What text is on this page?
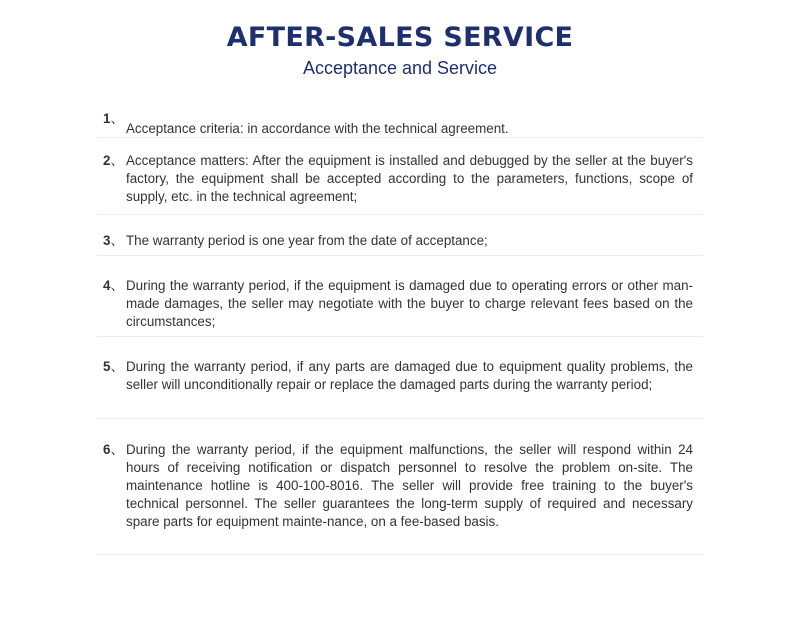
AFTER-SALES SERVICE

Acceptance and Service

1、
Acceptance criteria: in accordance with the technical agreement.
2、 Acceptance matters: After the equipment is installed and debugged by the seller at the buyer's factory, the equipment shall be accepted according to the parameters, functions, scope of supply, etc. in the technical agreement;
3、 The warranty period is one year from the date of acceptance;
4、 During the warranty period, if the equipment is damaged due to operating errors or other man-made damages, the seller may negotiate with the buyer to charge relevant fees based on the circumstances;
5、 During the warranty period, if any parts are damaged due to equipment quality problems, the seller will unconditionally repair or replace the damaged parts during the warranty period;
6、 During the warranty period, if the equipment malfunctions, the seller will respond within 24 hours of receiving notification or dispatch personnel to resolve the problem on-site. The maintenance hotline is 400-100-8016. The seller will provide free training to the buyer's technical personnel. The seller guarantees the long-term supply of required and necessary spare parts for equipment mainte-nance, on a fee-based basis.
